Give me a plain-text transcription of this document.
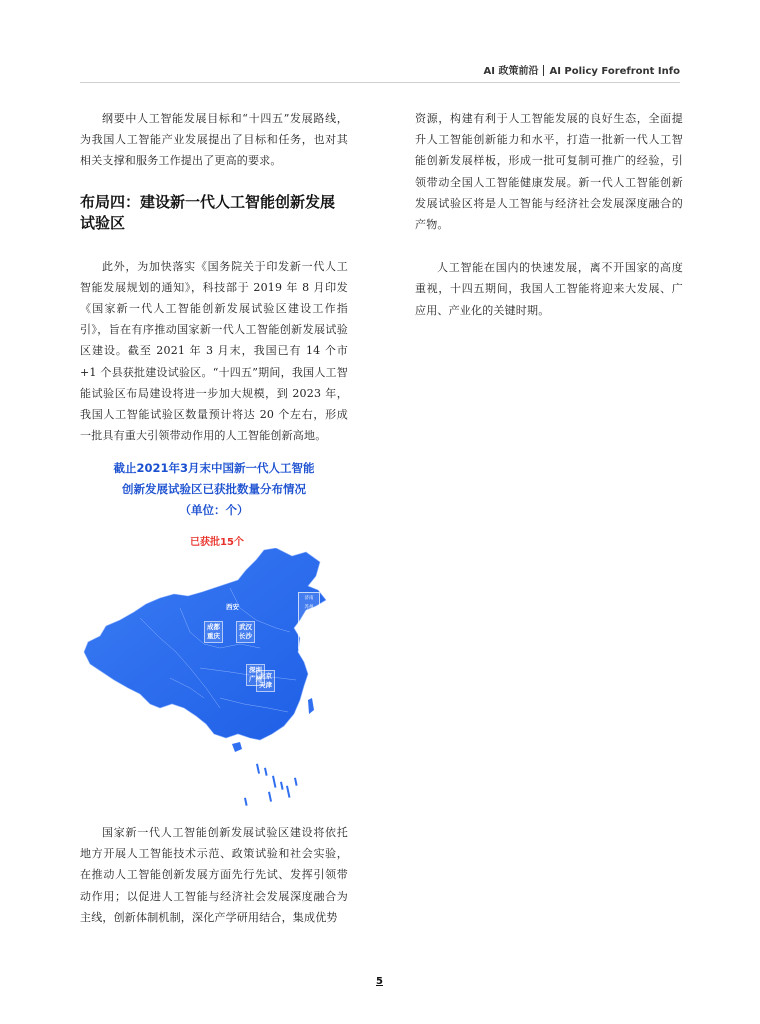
AI 政策前沿 AI Policy Forefront Info

纲要中人工智能发展目标和“十四五”发展路线，为我国人工智能产业发展提出了目标和任务，也对其相关支撑和服务工作提出了更高的要求。

布局四：建设新一代人工智能创新发展试验区

此外，为加快落实《国务院关于印发新一代人工智能发展规划的通知》，科技部于 2019 年 8 月印发《国家新一代人工智能创新发展试验区建设工作指引》，旨在有序推动国家新一代人工智能创新发展试验区建设。截至 2021 年 3 月末，我国已有 14 个市 +1 个县获批建设试验区。“十四五”期间，我国人工智能试验区布局建设将进一步加大规模，到 2023 年，我国人工智能试验区数量预计将达 20 个左右，形成一批具有重大引领带动作用的人工智能创新高地。

截止2021年3月末中国新一代人工智能
创新发展试验区已获批数量分布情况
（单位：个）
已获批15个
北京
天津
西安
成都
重庆
武汉
长沙
深圳
广州
济南
苏州
合肥
上海
杭州
德清县

国家新一代人工智能创新发展试验区建设将依托地方开展人工智能技术示范、政策试验和社会实验，在推动人工智能创新发展方面先行先试、发挥引领带动作用；以促进人工智能与经济社会发展深度融合为主线，创新体制机制，深化产学研用结合，集成优势

资源，构建有利于人工智能发展的良好生态，全面提升人工智能创新能力和水平，打造一批新一代人工智能创新发展样板，形成一批可复制可推广的经验，引领带动全国人工智能健康发展。新一代人工智能创新发展试验区将是人工智能与经济社会发展深度融合的产物。

人工智能在国内的快速发展，离不开国家的高度重视，十四五期间，我国人工智能将迎来大发展、广应用、产业化的关键时期。

5
